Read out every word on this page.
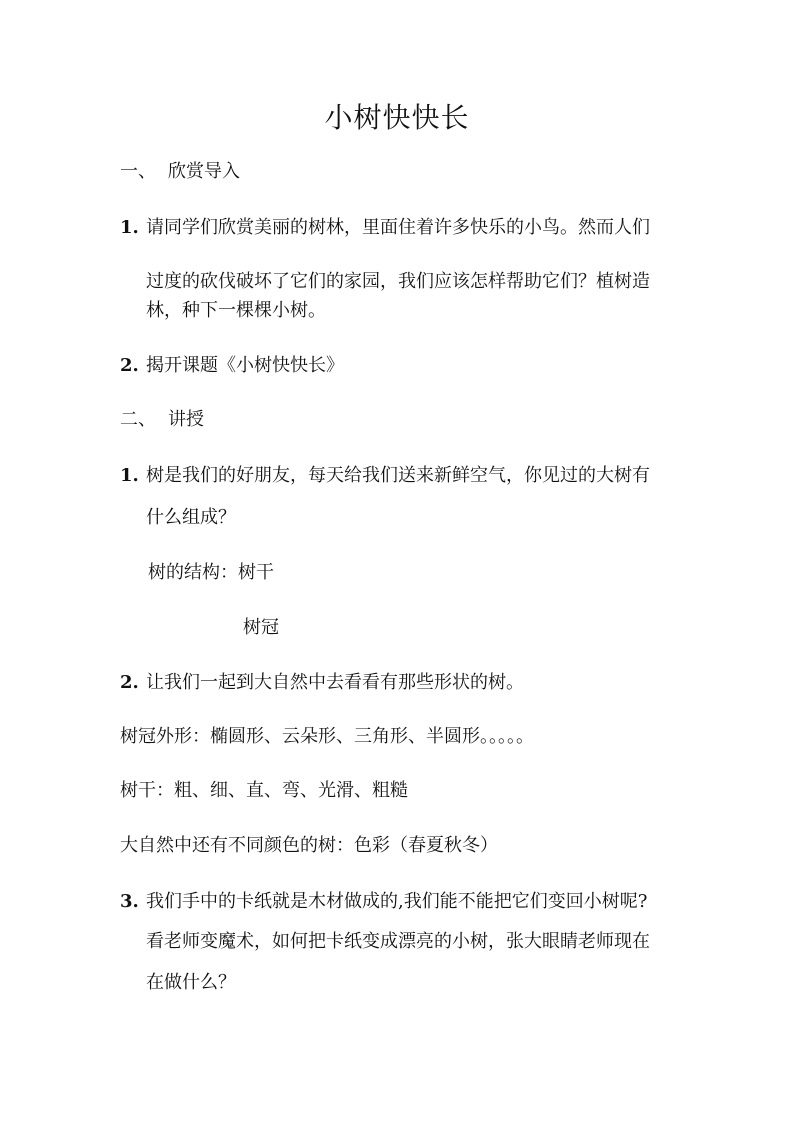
小树快快长
一、 欣赏导入
1. 请同学们欣赏美丽的树林，里面住着许多快乐的小鸟。然而人们
过度的砍伐破坏了它们的家园，我们应该怎样帮助它们？植树造
林，种下一棵棵小树。
2. 揭开课题《小树快快长》
二、 讲授
1. 树是我们的好朋友，每天给我们送来新鲜空气，你见过的大树有
什么组成？
树的结构：树干
树冠
2. 让我们一起到大自然中去看看有那些形状的树。
树冠外形：椭圆形、云朵形、三角形、半圆形。。。。。
树干：粗、细、直、弯、光滑、粗糙
大自然中还有不同颜色的树：色彩（春夏秋冬）
3. 我们手中的卡纸就是木材做成的,我们能不能把它们变回小树呢?
看老师变魔术，如何把卡纸变成漂亮的小树，张大眼睛老师现在
在做什么？
